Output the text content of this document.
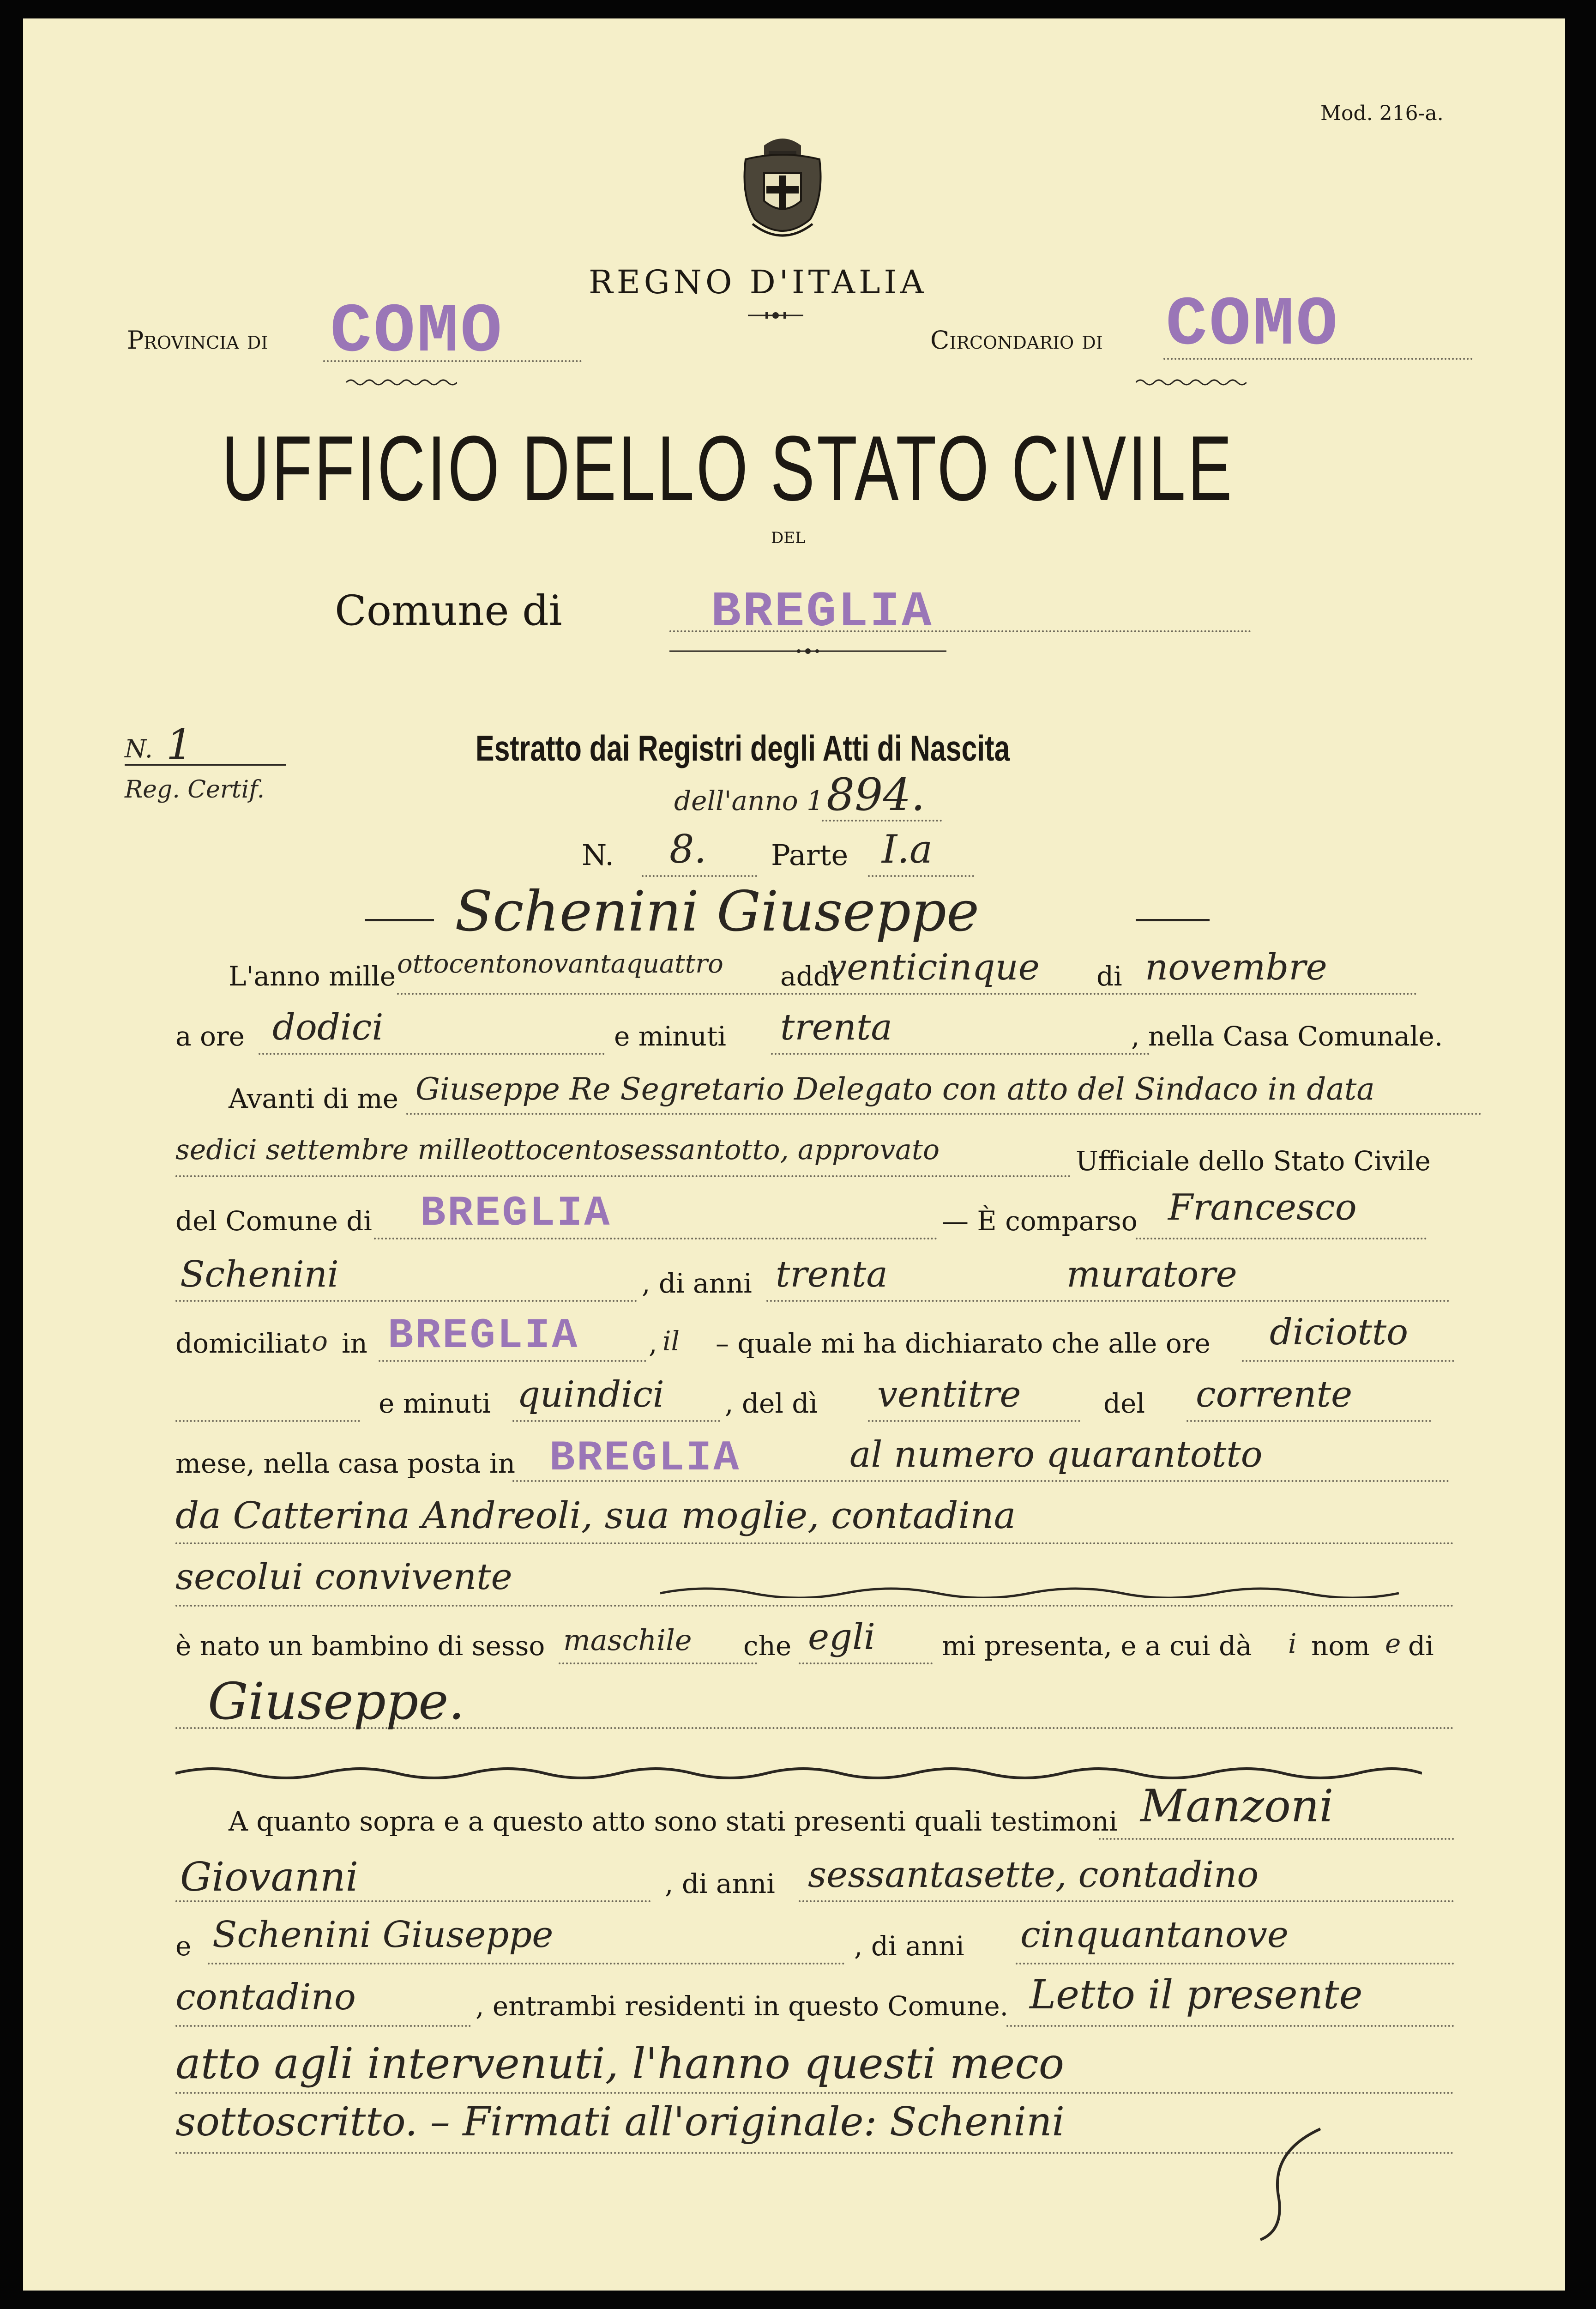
Mod. 216-a.
REGNO D'ITALIA
Provincia di COMO	Circondario di COMO
UFFICIO DELLO STATO CIVILE
DEL
Comune di	BREGLIA
N. 1
Reg. Certif.
Estratto dai Registri degli Atti di Nascita
dell'anno 1 894.
N. 8. Parte I.a
Schenini Giuseppe
L'anno mille ottocentonovantaquattro addì
venticinque di novembre
a ore dodici	e minuti trenta	, nella Casa Comunale.
Avanti di me Giuseppe Re Segretario Delegato con atto del Sindaco in data
sedici settembre milleottocentosessantotto, approvato	Ufficiale dello Stato Civile
del Comune di BREGLIA	— È comparso Francesco
Schenini	, di anni trenta	muratore
domiciliat o in BREGLIA	, il – quale mi ha dichiarato che alle ore diciotto
e minuti quindici , del dì ventitre	del corrente
mese, nella casa posta in BREGLIA	al numero quarantotto
da Catterina Andreoli, sua moglie, contadina
secolui convivente
è nato un bambino di sesso maschile che egli mi presenta, e a cui dà i nom e di
Giuseppe.
A quanto sopra e a questo atto sono stati presenti quali testimoni Manzoni
Giovanni	, di anni sessantasette, contadino
e Schenini Giuseppe	, di anni cinquantanove
contadino	, entrambi residenti in questo Comune. Letto il presente
atto agli intervenuti, l'hanno questi meco
sottoscritto. – Firmati all'originale: Schenini
